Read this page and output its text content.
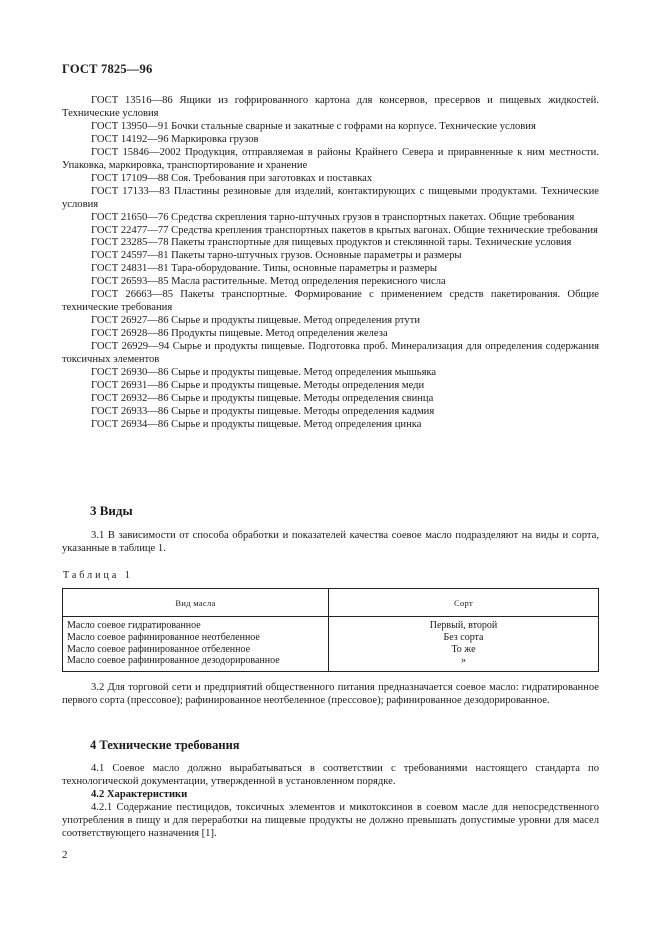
ГОСТ 7825—96

ГОСТ 13516—86 Ящики из гофрированного картона для консервов, пресервов и пищевых жидкостей. Технические условия

ГОСТ 13950—91 Бочки стальные сварные и закатные с гофрами на корпусе. Технические условия

ГОСТ 14192—96 Маркировка грузов

ГОСТ 15846—2002 Продукция, отправляемая в районы Крайнего Севера и приравненные к ним местности. Упаковка, маркировка, транспортирование и хранение

ГОСТ 17109—88 Соя. Требования при заготовках и поставках

ГОСТ 17133—83 Пластины резиновые для изделий, контактирующих с пищевыми продуктами. Технические условия

ГОСТ 21650—76 Средства скрепления тарно-штучных грузов в транспортных пакетах. Общие требования

ГОСТ 22477—77 Средства крепления транспортных пакетов в крытых вагонах. Общие технические требования

ГОСТ 23285—78 Пакеты транспортные для пищевых продуктов и стеклянной тары. Технические условия

ГОСТ 24597—81 Пакеты тарно-штучных грузов. Основные параметры и размеры

ГОСТ 24831—81 Тара-оборудование. Типы, основные параметры и размеры

ГОСТ 26593—85 Масла растительные. Метод определения перекисного числа

ГОСТ 26663—85 Пакеты транспортные. Формирование с применением средств пакетирования. Общие технические требования

ГОСТ 26927—86 Сырье и продукты пищевые. Метод определения ртути

ГОСТ 26928—86 Продукты пищевые. Метод определения железа

ГОСТ 26929—94 Сырье и продукты пищевые. Подготовка проб. Минерализация для определения содержания токсичных элементов

ГОСТ 26930—86 Сырье и продукты пищевые. Метод определения мышьяка

ГОСТ 26931—86 Сырье и продукты пищевые. Методы определения меди

ГОСТ 26932—86 Сырье и продукты пищевые. Методы определения свинца

ГОСТ 26933—86 Сырье и продукты пищевые. Методы определения кадмия

ГОСТ 26934—86 Сырье и продукты пищевые. Метод определения цинка

3 Виды

3.1 В зависимости от способа обработки и показателей качества соевое масло подразделяют на виды и сорта, указанные в таблице 1.

Таблица 1
Вид масла	Сорт
Масло соевое гидратированное	Первый, второй
Масло соевое рафинированное неотбеленное	Без сорта
Масло соевое рафинированное отбеленное	То же
Масло соевое рафинированное дезодорированное	»

3.2 Для торговой сети и предприятий общественного питания предназначается соевое масло: гидратированное первого сорта (прессовое); рафинированное неотбеленное (прессовое); рафинированное дезодорированное.

4 Технические требования

4.1 Соевое масло должно вырабатываться в соответствии с требованиями настоящего стандарта по технологической документации, утвержденной в установленном порядке.

4.2 Характеристики

4.2.1 Содержание пестицидов, токсичных элементов и микотоксинов в соевом масле для непосредственного употребления в пищу и для переработки на пищевые продукты не должно превышать допустимые уровни для масел соответствующего назначения [1].

2
